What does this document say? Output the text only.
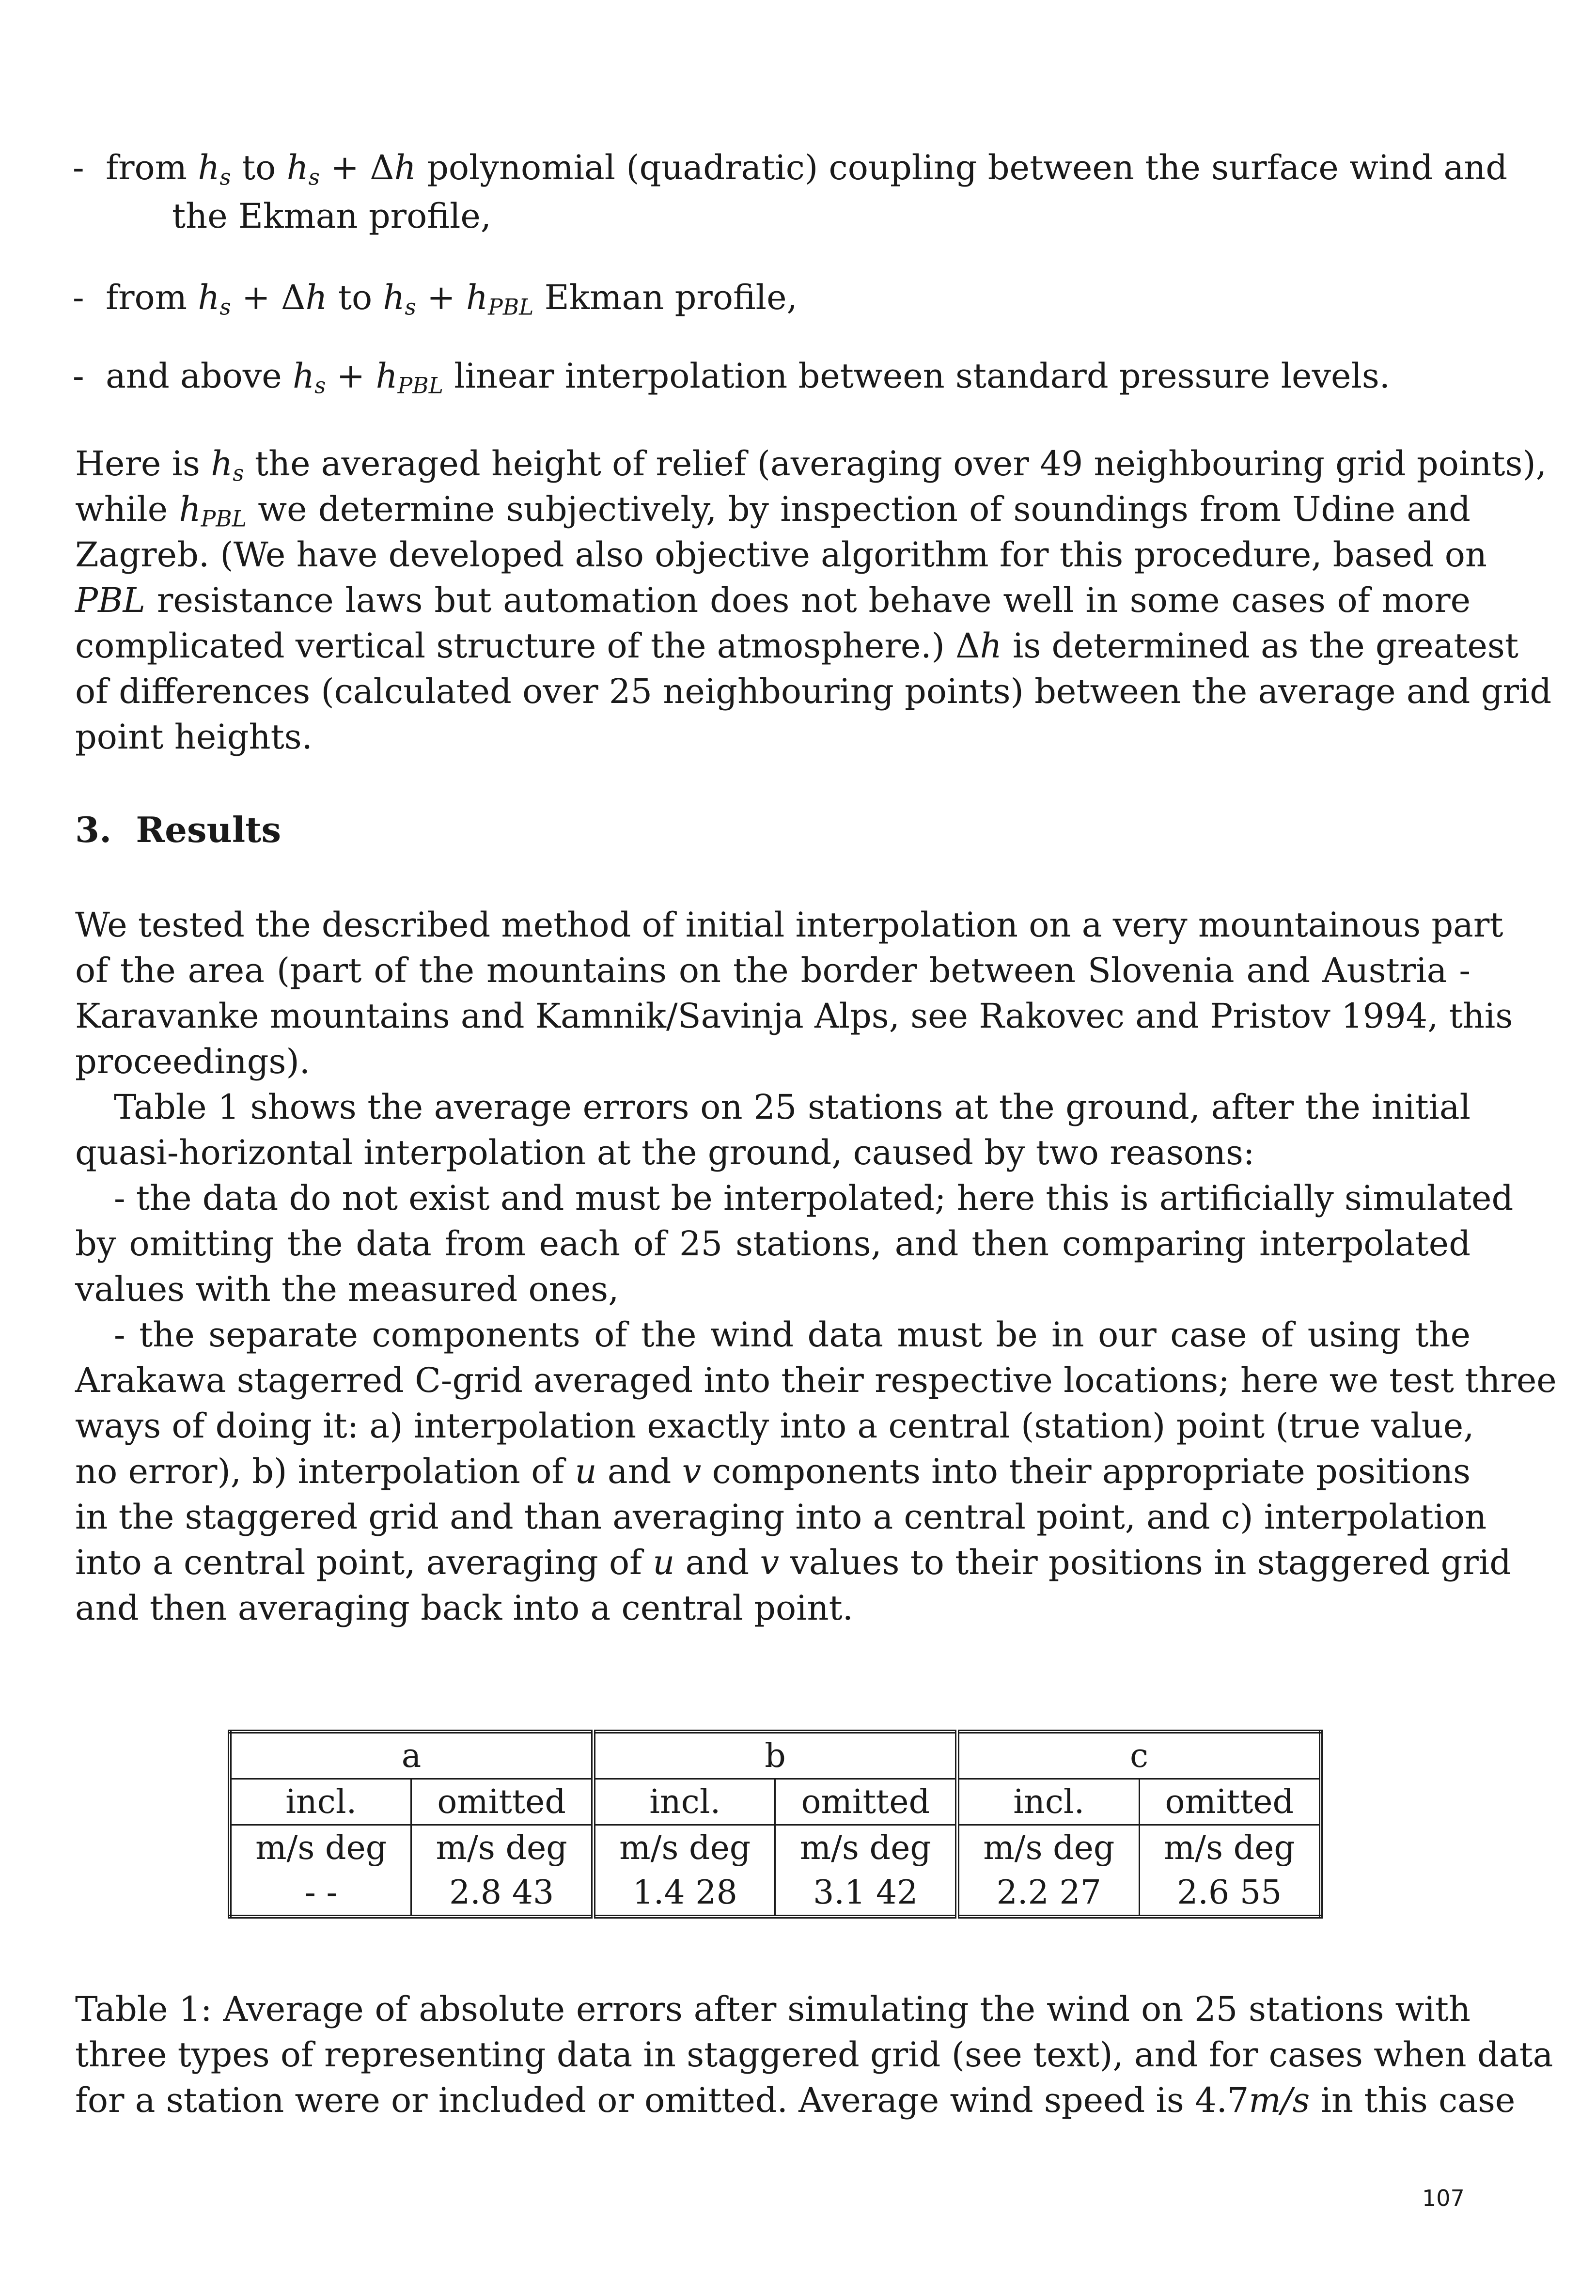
- from $h_s$ to $h_s + \Delta h$ polynomial (quadratic) coupling between the surface wind and
the Ekman profile,
- from $h_s + \Delta h$ to $h_s + h_{PBL}$ Ekman profile,
- and above $h_s + h_{PBL}$ linear interpolation between standard pressure levels.
Here is $h_s$ the averaged height of relief (averaging over 49 neighbouring grid points),
while $h_{PBL}$ we determine subjectively, by inspection of soundings from Udine and
Zagreb. (We have developed also objective algorithm for this procedure, based on
PBL resistance laws but automation does not behave well in some cases of more
complicated vertical structure of the atmosphere.) Δh is determined as the greatest
of differences (calculated over 25 neighbouring points) between the average and grid
point heights.
3. Results
We tested the described method of initial interpolation on a very mountainous part
of the area (part of the mountains on the border between Slovenia and Austria -
Karavanke mountains and Kamnik/Savinja Alps, see Rakovec and Pristov 1994, this
proceedings).
Table 1 shows the average errors on 25 stations at the ground, after the initial
quasi-horizontal interpolation at the ground, caused by two reasons:
- the data do not exist and must be interpolated; here this is artificially simulated
by omitting the data from each of 25 stations, and then comparing interpolated
values with the measured ones,
- the separate components of the wind data must be in our case of using the
Arakawa stagerred C-grid averaged into their respective locations; here we test three
ways of doing it: a) interpolation exactly into a central (station) point (true value,
no error), b) interpolation of u and v components into their appropriate positions
in the staggered grid and than averaging into a central point, and c) interpolation
into a central point, averaging of u and v values to their positions in staggered grid
and then averaging back into a central point.
a		b		c	
incl.	omitted	incl.	omitted	incl.	omitted
m/s deg	m/s deg	m/s deg	m/s deg	m/s deg	m/s deg
- -	2.8 43	1.4 28	3.1 42	2.2 27	2.6 55
Table 1: Average of absolute errors after simulating the wind on 25 stations with
three types of representing data in staggered grid (see text), and for cases when data
for a station were or included or omitted. Average wind speed is 4.7m/s in this case
107
